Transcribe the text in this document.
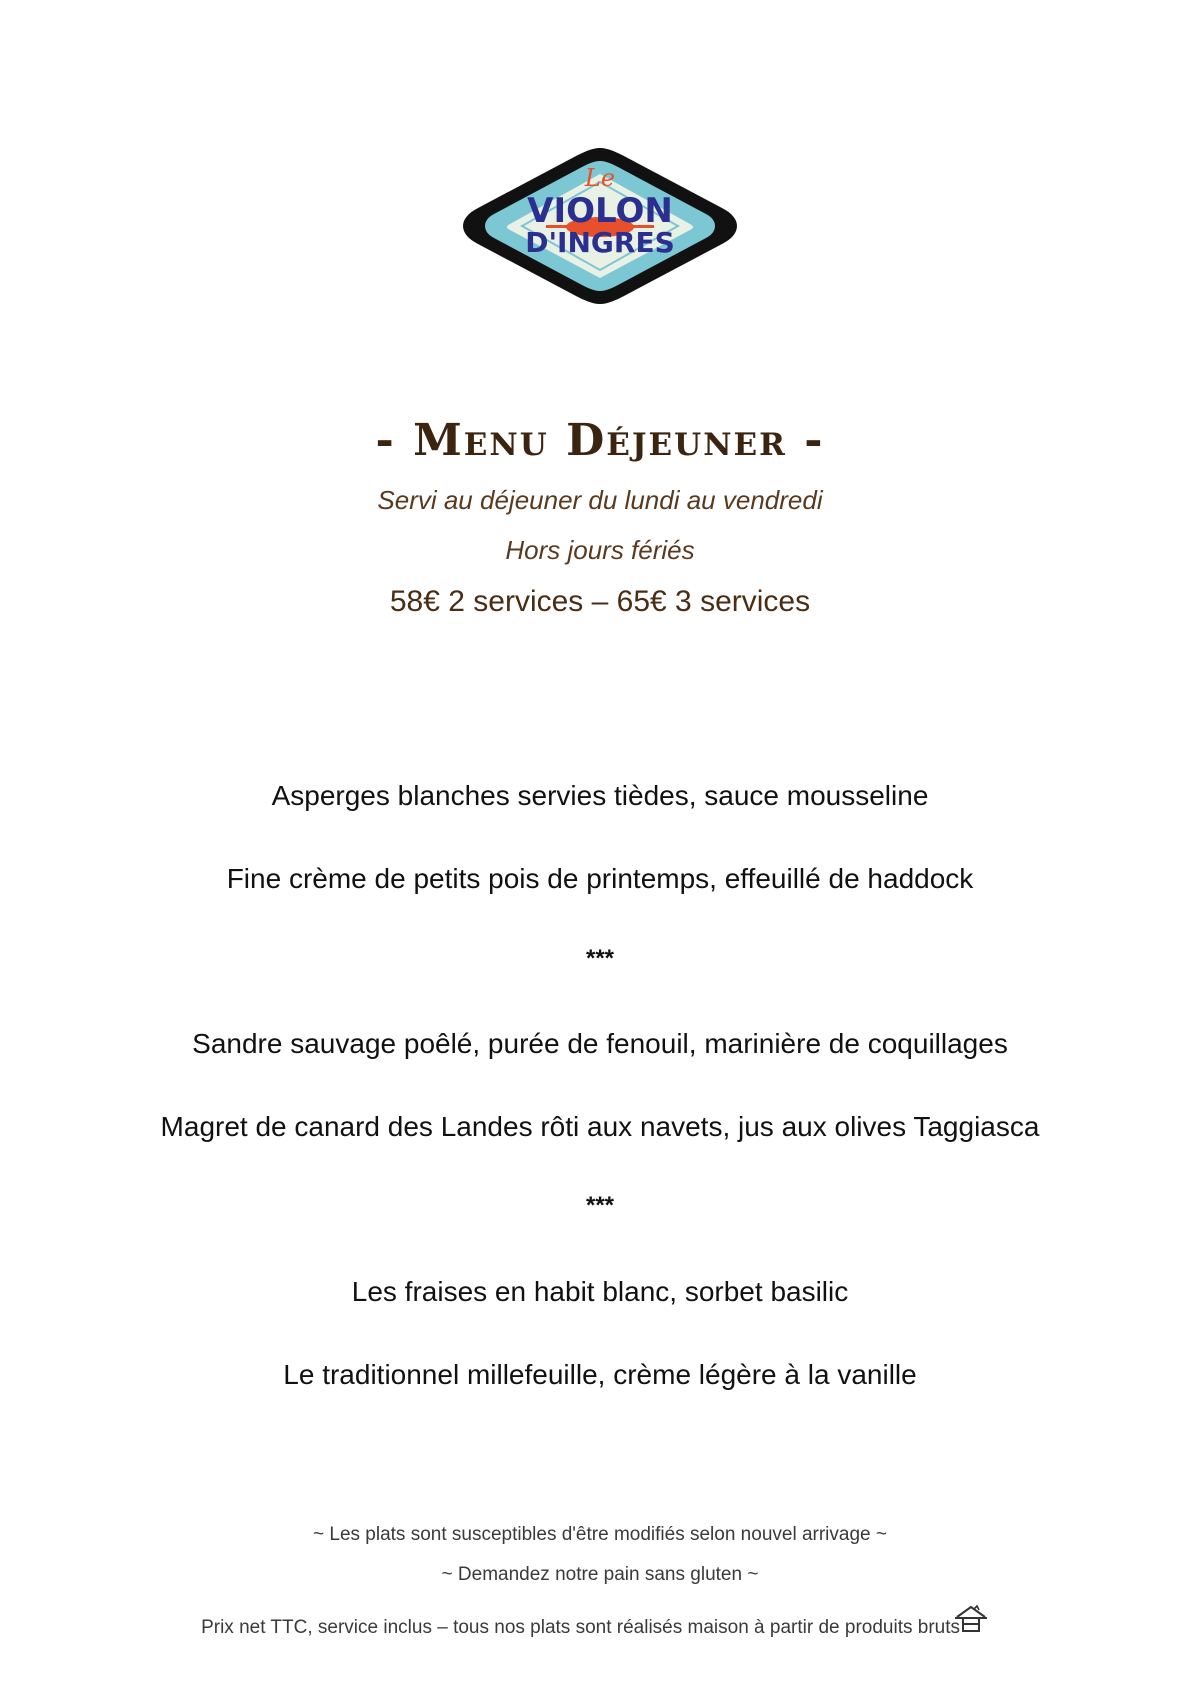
Le
VIOLON
D'INGRES
- Menu Déjeuner -
Servi au déjeuner du lundi au vendredi
Hors jours fériés
58€ 2 services – 65€ 3 services
Asperges blanches servies tièdes, sauce mousseline
Fine crème de petits pois de printemps, effeuillé de haddock
***
Sandre sauvage poêlé, purée de fenouil, marinière de coquillages
Magret de canard des Landes rôti aux navets, jus aux olives Taggiasca
***
Les fraises en habit blanc, sorbet basilic
Le traditionnel millefeuille, crème légère à la vanille
~ Les plats sont susceptibles d'être modifiés selon nouvel arrivage ~
~ Demandez notre pain sans gluten ~
Prix net TTC, service inclus – tous nos plats sont réalisés maison à partir de produits bruts
